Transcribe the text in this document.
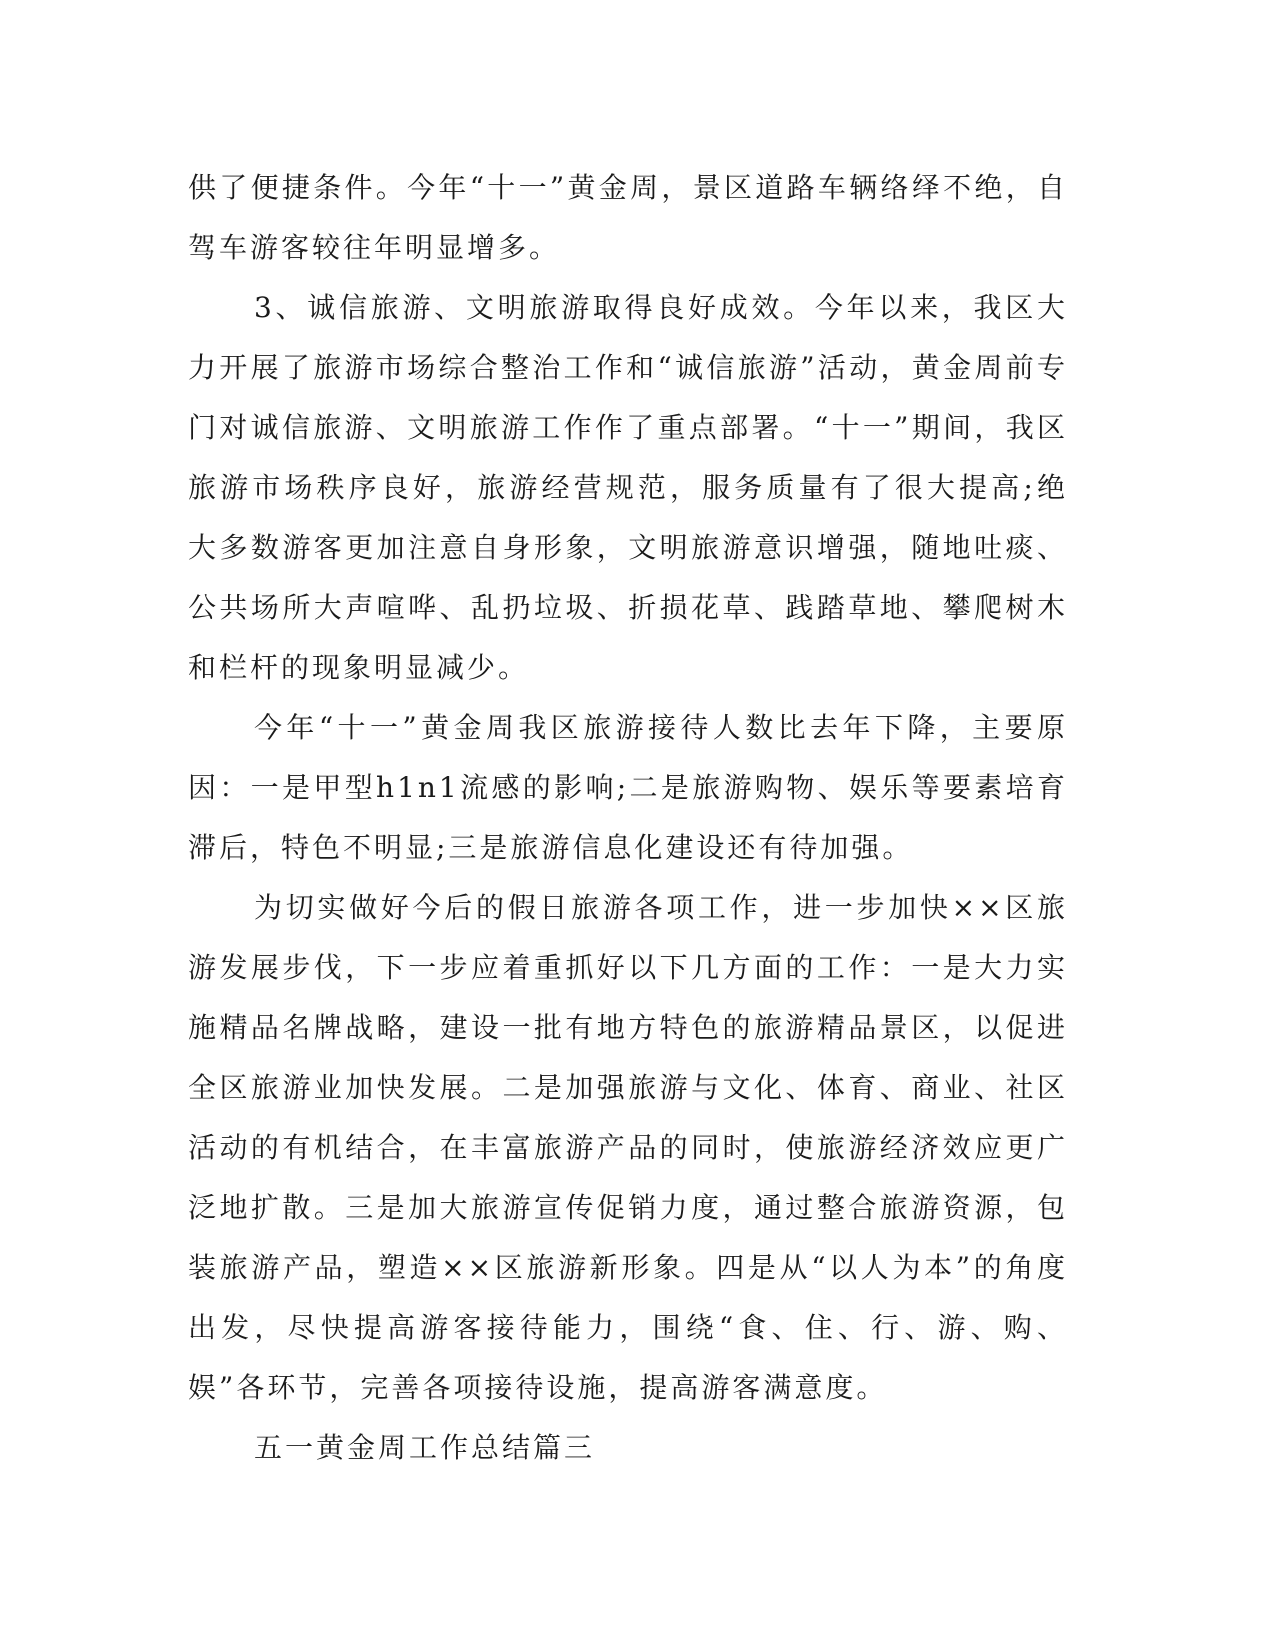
供了便捷条件。今年“十一”黄金周，景区道路车辆络绎不绝，自驾车游客较往年明显增多。

3、诚信旅游、文明旅游取得良好成效。今年以来，我区大力开展了旅游市场综合整治工作和“诚信旅游”活动，黄金周前专门对诚信旅游、文明旅游工作作了重点部署。“十一”期间，我区旅游市场秩序良好，旅游经营规范，服务质量有了很大提高;绝大多数游客更加注意自身形象，文明旅游意识增强，随地吐痰、公共场所大声喧哗、乱扔垃圾、折损花草、践踏草地、攀爬树木和栏杆的现象明显减少。

今年“十一”黄金周我区旅游接待人数比去年下降，主要原因：一是甲型h1n1流感的影响;二是旅游购物、娱乐等要素培育滞后，特色不明显;三是旅游信息化建设还有待加强。

为切实做好今后的假日旅游各项工作，进一步加快××区旅游发展步伐，下一步应着重抓好以下几方面的工作：一是大力实施精品名牌战略，建设一批有地方特色的旅游精品景区，以促进全区旅游业加快发展。二是加强旅游与文化、体育、商业、社区活动的有机结合，在丰富旅游产品的同时，使旅游经济效应更广泛地扩散。三是加大旅游宣传促销力度，通过整合旅游资源，包装旅游产品，塑造××区旅游新形象。四是从“以人为本”的角度出发，尽快提高游客接待能力，围绕“食、住、行、游、购、娱”各环节，完善各项接待设施，提高游客满意度。

五一黄金周工作总结篇三
